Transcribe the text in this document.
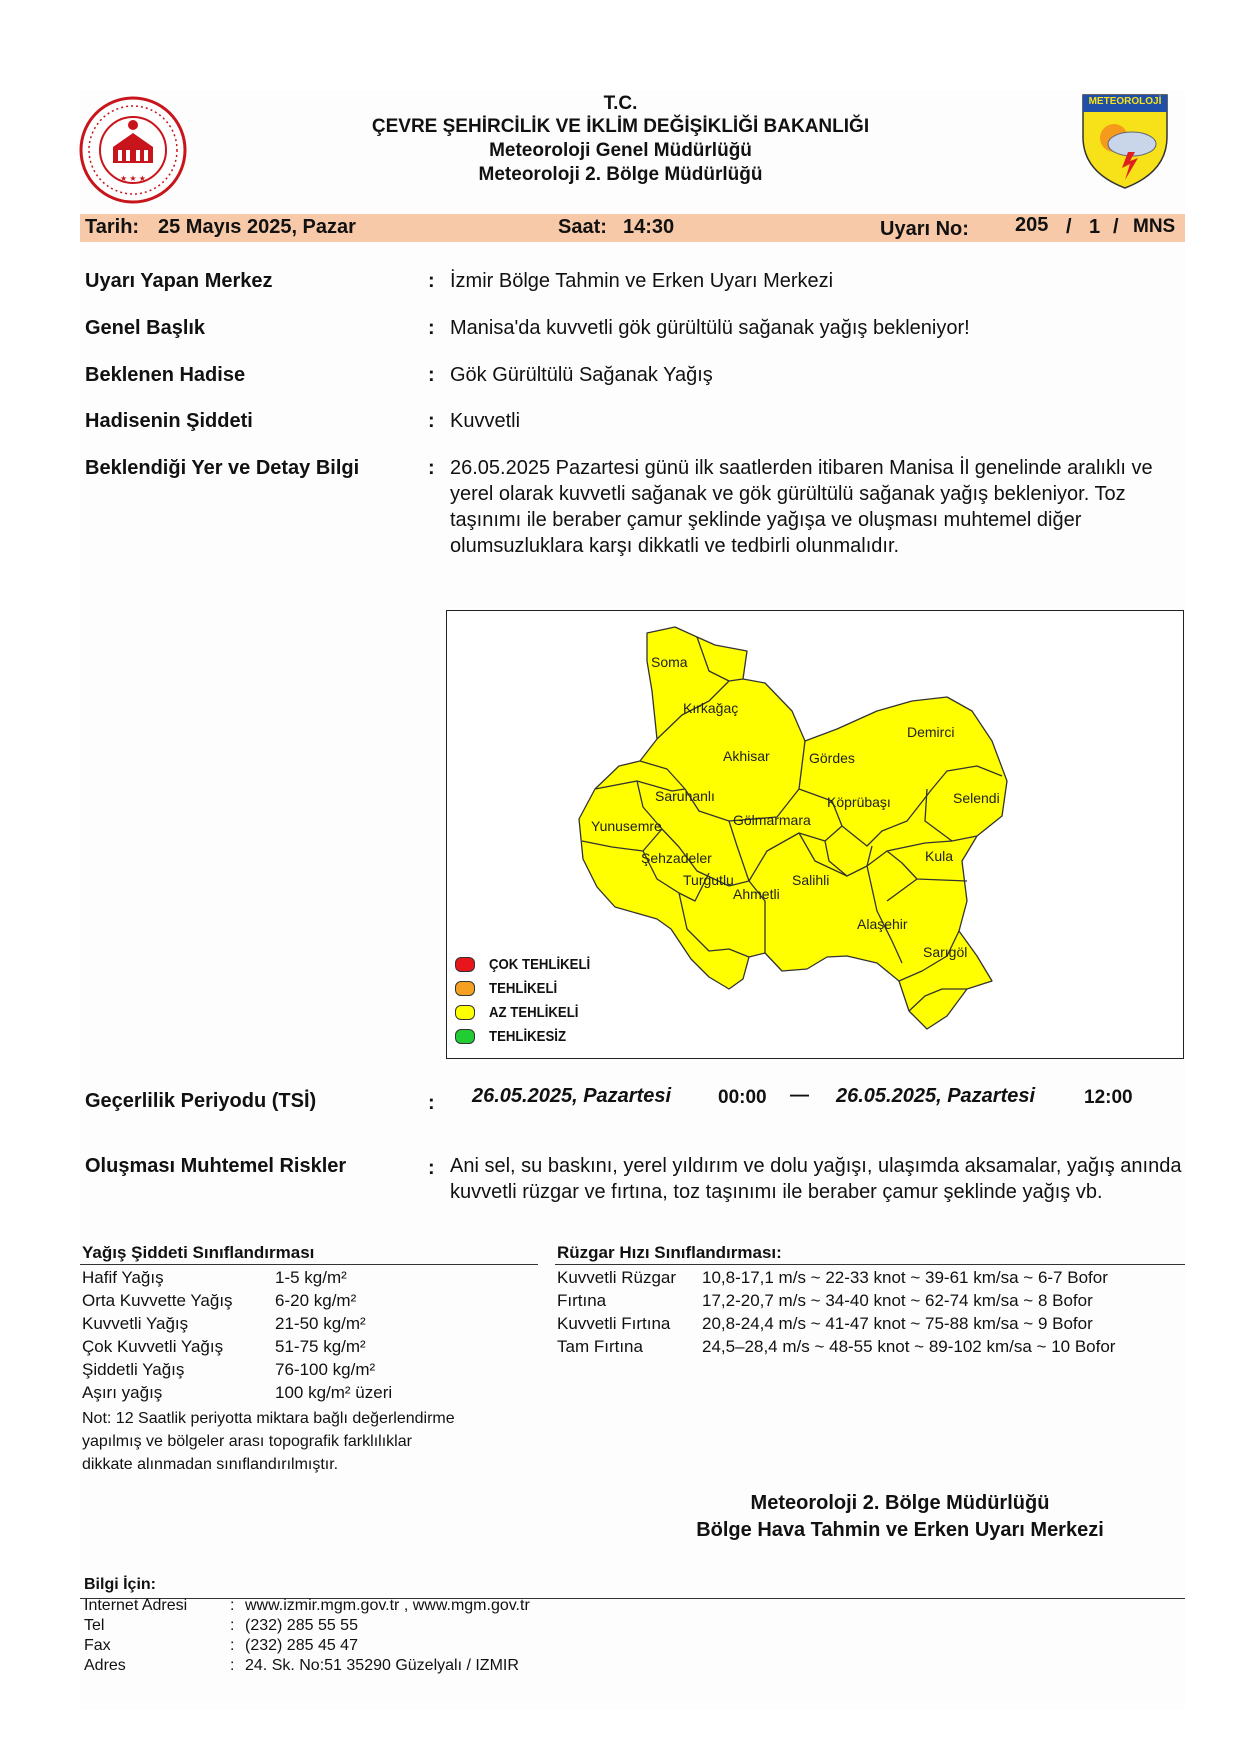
★ ★ ★
METEOROLOJİ
T.C.
ÇEVRE ŞEHİRCİLİK VE İKLİM DEĞİŞİKLİĞİ BAKANLIĞI
Meteoroloji Genel Müdürlüğü
Meteoroloji 2. Bölge Müdürlüğü
Tarih: 25 Mayıs 2025, Pazar	Saat: 14:30	Uyarı No: 205 / 1 / MNS
Uyarı Yapan Merkez	: İzmir Bölge Tahmin ve Erken Uyarı Merkezi
Genel Başlık	: Manisa'da kuvvetli gök gürültülü sağanak yağış bekleniyor!
Beklenen Hadise	: Gök Gürültülü Sağanak Yağış
Hadisenin Şiddeti	: Kuvvetli
Beklendiği Yer ve Detay Bilgi	: 26.05.2025 Pazartesi günü ilk saatlerden itibaren Manisa İl genelinde aralıklı ve yerel olarak kuvvetli sağanak ve gök gürültülü sağanak yağış bekleniyor. Toz taşınımı ile beraber çamur şeklinde yağışa ve oluşması muhtemel diğer olumsuzluklara karşı dikkatli ve tedbirli olunmalıdır.
Soma
Kırkağaç
Akhisar	Gördes
Demirci
Saruhanlı	Köprübaşı	Selendi
Yunusemre	Gölmarmara
Şehzadeler
Turgutlu
Ahmetli
Salihli
Kula
Alaşehir
Sarıgöl
ÇOK TEHLİKELİ
TEHLİKELİ
AZ TEHLİKELİ
TEHLİKESİZ
Geçerlilik Periyodu (TSİ)	: 26.05.2025, Pazartesi 00:00 — 26.05.2025, Pazartesi	12:00
Oluşması Muhtemel Riskler	: Ani sel, su baskını, yerel yıldırım ve dolu yağışı, ulaşımda aksamalar, yağış anında kuvvetli rüzgar ve fırtına, toz taşınımı ile beraber çamur şeklinde yağış vb.
Yağış Şiddeti Sınıflandırması
Hafif Yağış	1-5 kg/m²
Orta Kuvvette Yağış 6-20 kg/m²
Kuvvetli Yağış	21-50 kg/m²
Çok Kuvvetli Yağış	51-75 kg/m²
Şiddetli Yağış	76-100 kg/m²
Aşırı yağış	100 kg/m² üzeri
Not: 12 Saatlik periyotta miktara bağlı değerlendirme
yapılmış ve bölgeler arası topografik farklılıklar
dikkate alınmadan sınıflandırılmıştır.
Rüzgar Hızı Sınıflandırması:
Kuvvetli Rüzgar 10,8-17,1 m/s ~ 22-33 knot ~ 39-61 km/sa ~ 6-7 Bofor
Fırtına	17,2-20,7 m/s ~ 34-40 knot ~ 62-74 km/sa ~ 8 Bofor
Kuvvetli Fırtına 20,8-24,4 m/s ~ 41-47 knot ~ 75-88 km/sa ~ 9 Bofor
Tam Fırtına	24,5–28,4 m/s ~ 48-55 knot ~ 89-102 km/sa ~ 10 Bofor
Meteoroloji 2. Bölge Müdürlüğü
Bölge Hava Tahmin ve Erken Uyarı Merkezi
Bilgi İçin:
Internet Adresi	: www.izmir.mgm.gov.tr , www.mgm.gov.tr
Tel	: (232) 285 55 55
Fax	: (232) 285 45 47
Adres	: 24. Sk. No:51 35290 Güzelyalı / IZMIR
